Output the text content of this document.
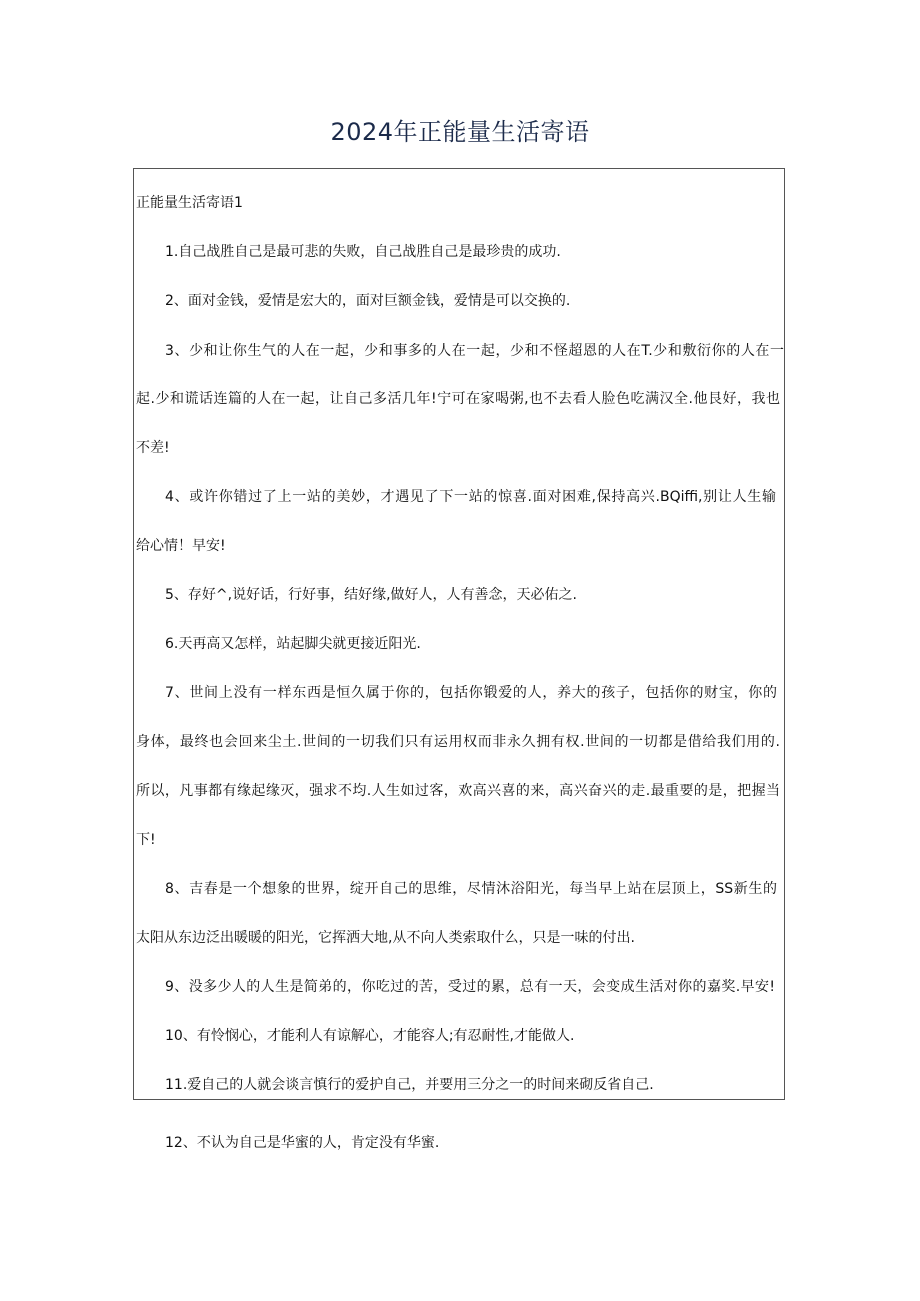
2024年正能量生活寄语
正能量生活寄语1
1.自己战胜自己是最可悲的失败，自己战胜自己是最珍贵的成功.
2、面对金钱，爱情是宏大的，面对巨额金钱，爱情是可以交换的.
3、少和让你生气的人在一起，少和事多的人在一起，少和不怪超恩的人在T.少和敷衍你的人在一
起.少和谎话连篇的人在一起，让自己多活几年!宁可在家喝粥,也不去看人脸色吃满汉全.他艮好，我也
不差!
4、或许你错过了上一站的美妙，才遇见了下一站的惊喜.面对困难,保持高兴.BQiffi,别让人生输
给心情！早安!
5、存好^,说好话，行好事，结好缘,做好人，人有善念，天必佑之.
6.天再高又怎样，站起脚尖就更接近阳光.
7、世间上没有一样东西是恒久属于你的，包括你锻爱的人，养大的孩子，包括你的财宝，你的
身体，最终也会回来尘土.世间的一切我们只有运用权而非永久拥有权.世间的一切都是借给我们用的.
所以，凡事都有缘起缘灭，强求不均.人生如过客，欢高兴喜的来，高兴奋兴的走.最重要的是，把握当
下!
8、吉春是一个想象的世界，绽开自己的思维，尽情沐浴阳光，每当早上站在层顶上，SS新生的
太阳从东边泛出暖暖的阳光，它挥洒大地,从不向人类索取什么，只是一味的付出.
9、没多少人的人生是简弟的，你吃过的苦，受过的累，总有一天，会变成生活对你的嘉奖.早安!
10、有怜悯心，才能利人有谅解心，才能容人;有忍耐性,才能做人.
11.爱自己的人就会谈言慎行的爱护自己，并要用三分之一的时间来砌反省自己.
12、不认为自己是华蜜的人，肯定没有华蜜.
